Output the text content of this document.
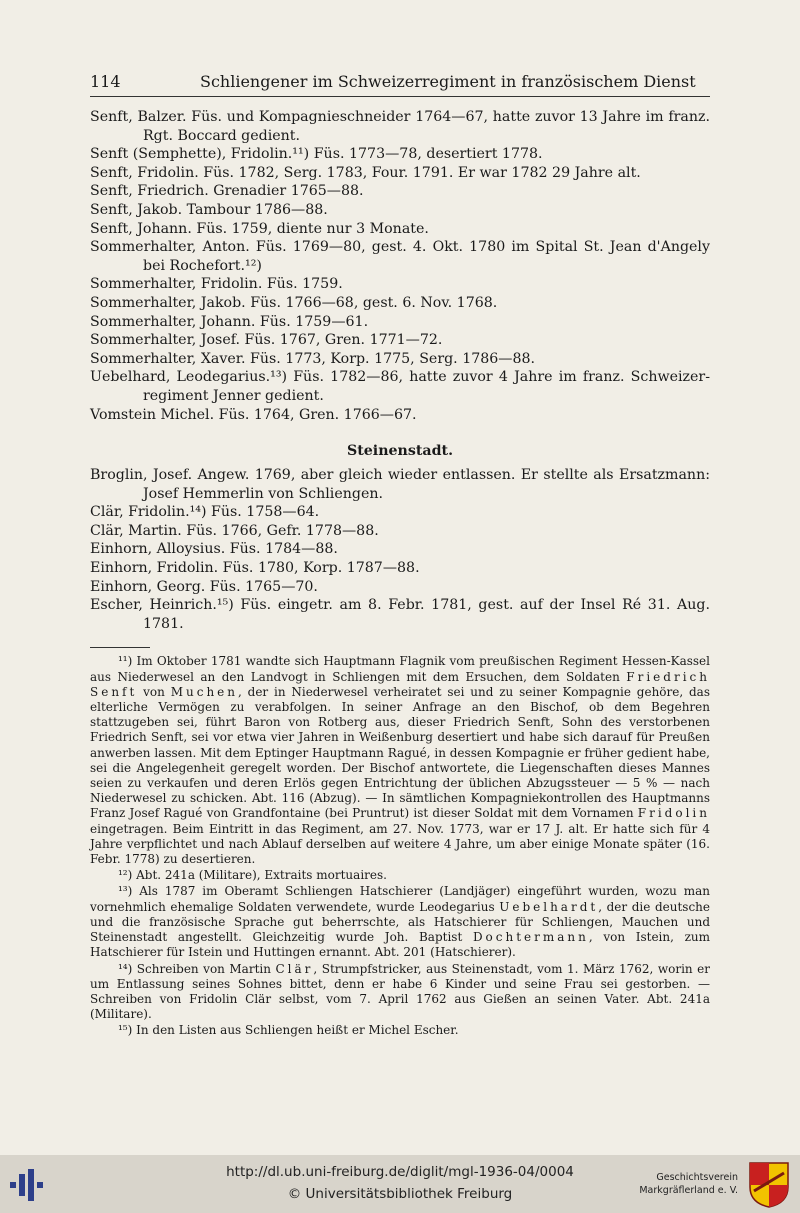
114	Schliengener im Schweizerregiment in französischem Dienst
Senft, Balzer. Füs. und Kompagnieschneider 1764—67, hatte zuvor 13 Jahre im franz. Rgt. Boccard gedient.
Senft (Semphette), Fridolin.¹¹) Füs. 1773—78, desertiert 1778.
Senft, Fridolin. Füs. 1782, Serg. 1783, Four. 1791. Er war 1782 29 Jahre alt.
Senft, Friedrich. Grenadier 1765—88.
Senft, Jakob. Tambour 1786—88.
Senft, Johann. Füs. 1759, diente nur 3 Monate.
Sommerhalter, Anton. Füs. 1769—80, gest. 4. Okt. 1780 im Spital St. Jean d'Angely bei Rochefort.¹²)
Sommerhalter, Fridolin. Füs. 1759.
Sommerhalter, Jakob. Füs. 1766—68, gest. 6. Nov. 1768.
Sommerhalter, Johann. Füs. 1759—61.
Sommerhalter, Josef. Füs. 1767, Gren. 1771—72.
Sommerhalter, Xaver. Füs. 1773, Korp. 1775, Serg. 1786—88.
Uebelhard, Leodegarius.¹³) Füs. 1782—86, hatte zuvor 4 Jahre im franz. Schweizer-regiment Jenner gedient.
Vomstein Michel. Füs. 1764, Gren. 1766—67.
Steinenstadt.
Broglin, Josef. Angew. 1769, aber gleich wieder entlassen. Er stellte als Ersatzmann: Josef Hemmerlin von Schliengen.
Clär, Fridolin.¹⁴) Füs. 1758—64.
Clär, Martin. Füs. 1766, Gefr. 1778—88.
Einhorn, Alloysius. Füs. 1784—88.
Einhorn, Fridolin. Füs. 1780, Korp. 1787—88.
Einhorn, Georg. Füs. 1765—70.
Escher, Heinrich.¹⁵) Füs. eingetr. am 8. Febr. 1781, gest. auf der Insel Ré 31. Aug. 1781.

¹¹) Im Oktober 1781 wandte sich Hauptmann Flagnik vom preußischen Regiment Hessen-Kassel aus Niederwesel an den Landvogt in Schliengen mit dem Ersuchen, dem Soldaten Friedrich Senft von Muchen, der in Niederwesel verheiratet sei und zu seiner Kompagnie gehöre, das elterliche Vermögen zu verabfolgen. In seiner Anfrage an den Bischof, ob dem Begehren stattzugeben sei, führt Baron von Rotberg aus, dieser Friedrich Senft, Sohn des verstorbenen Friedrich Senft, sei vor etwa vier Jahren in Weißenburg desertiert und habe sich darauf für Preußen anwerben lassen. Mit dem Eptinger Hauptmann Ragué, in dessen Kompagnie er früher gedient habe, sei die Angelegenheit geregelt worden. Der Bischof antwortete, die Liegenschaften dieses Mannes seien zu verkaufen und deren Erlös gegen Entrichtung der üblichen Abzugssteuer — 5 % — nach Niederwesel zu schicken. Abt. 116 (Abzug). — In sämtlichen Kompagniekontrollen des Hauptmanns Franz Josef Ragué von Grandfontaine (bei Pruntrut) ist dieser Soldat mit dem Vornamen Fridolin eingetragen. Beim Eintritt in das Regiment, am 27. Nov. 1773, war er 17 J. alt. Er hatte sich für 4 Jahre verpflichtet und nach Ablauf derselben auf weitere 4 Jahre, um aber einige Monate später (16. Febr. 1778) zu desertieren.

¹²) Abt. 241a (Militare), Extraits mortuaires.

¹³) Als 1787 im Oberamt Schliengen Hatschierer (Landjäger) eingeführt wurden, wozu man vornehmlich ehemalige Soldaten verwendete, wurde Leodegarius Uebelhardt, der die deutsche und die französische Sprache gut beherrschte, als Hatschierer für Schliengen, Mauchen und Steinenstadt angestellt. Gleichzeitig wurde Joh. Baptist Dochtermann, von Istein, zum Hatschierer für Istein und Huttingen ernannt. Abt. 201 (Hatschierer).

¹⁴) Schreiben von Martin Clär, Strumpfstricker, aus Steinenstadt, vom 1. März 1762, worin er um Entlassung seines Sohnes bittet, denn er habe 6 Kinder und seine Frau sei gestorben. — Schreiben von Fridolin Clär selbst, vom 7. April 1762 aus Gießen an seinen Vater. Abt. 241a (Militare).

¹⁵) In den Listen aus Schliengen heißt er Michel Escher.

http://dl.ub.uni-freiburg.de/diglit/mgl-1936-04/0004
© Universitätsbibliothek Freiburg
Geschichtsverein
Markgräflerland e. V.
